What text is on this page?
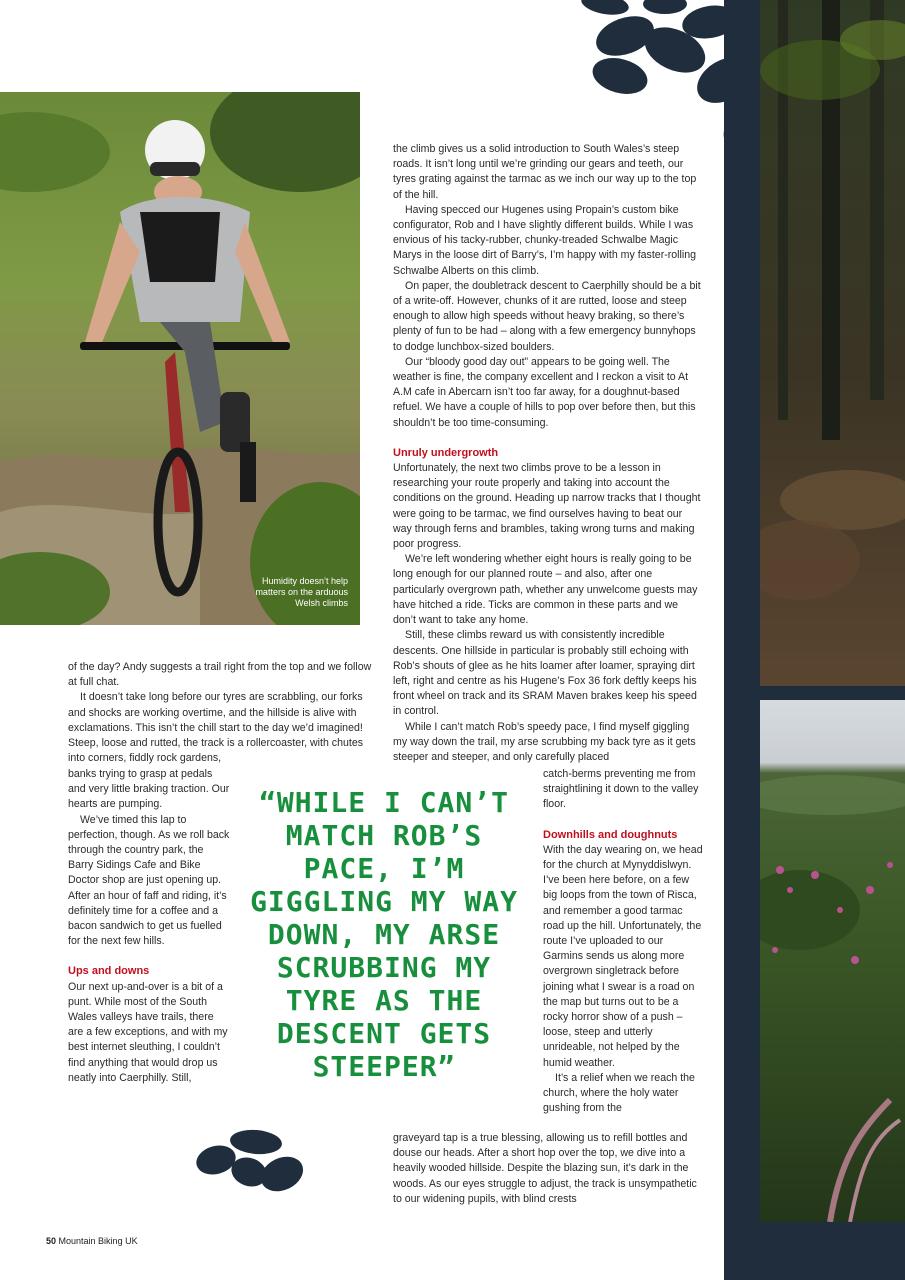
Humidity doesn’t help matters on the arduous Welsh climbs

the climb gives us a solid introduction to South Wales’s steep roads. It isn’t long until we’re grinding our gears and teeth, our tyres grating against the tarmac as we inch our way up to the top of the hill.

Having specced our Hugenes using Propain’s custom bike configurator, Rob and I have slightly different builds. While I was envious of his tacky-rubber, chunky-treaded Schwalbe Magic Marys in the loose dirt of Barry’s, I’m happy with my faster-rolling Schwalbe Alberts on this climb.

On paper, the doubletrack descent to Caerphilly should be a bit of a write-off. However, chunks of it are rutted, loose and steep enough to allow high speeds without heavy braking, so there’s plenty of fun to be had – along with a few emergency bunnyhops to dodge lunchbox-sized boulders.

Our “bloody good day out” appears to be going well. The weather is fine, the company excellent and I reckon a visit to At A.M cafe in Abercarn isn’t too far away, for a doughnut-based refuel. We have a couple of hills to pop over before then, but this shouldn’t be too time-consuming.

Unruly undergrowth

Unfortunately, the next two climbs prove to be a lesson in researching your route properly and taking into account the conditions on the ground. Heading up narrow tracks that I thought were going to be tarmac, we find ourselves having to beat our way through ferns and brambles, taking wrong turns and making poor progress.

We’re left wondering whether eight hours is really going to be long enough for our planned route – and also, after one particularly overgrown path, whether any unwelcome guests may have hitched a ride. Ticks are common in these parts and we don’t want to take any home.

Still, these climbs reward us with consistently incredible descents. One hillside in particular is probably still echoing with Rob’s shouts of glee as he hits loamer after loamer, spraying dirt left, right and centre as his Hugene’s Fox 36 fork deftly keeps his front wheel on track and its SRAM Maven brakes keep his speed in control.

While I can’t match Rob’s speedy pace, I find myself giggling my way down the trail, my arse scrubbing my back tyre as it gets steeper and steeper, and only carefully placed

of the day? Andy suggests a trail right from the top and we follow at full chat.

It doesn’t take long before our tyres are scrabbling, our forks and shocks are working overtime, and the hillside is alive with exclamations. This isn’t the chill start to the day we’d imagined! Steep, loose and rutted, the track is a rollercoaster, with chutes into corners, fiddly rock gardens,

banks trying to grasp at pedals and very little braking traction. Our hearts are pumping.

We’ve timed this lap to perfection, though. As we roll back through the country park, the Barry Sidings Cafe and Bike Doctor shop are just opening up. After an hour of faff and riding, it’s definitely time for a coffee and a bacon sandwich to get us fuelled for the next few hills.

Ups and downs

Our next up-and-over is a bit of a punt. While most of the South Wales valleys have trails, there are a few exceptions, and with my best internet sleuthing, I couldn’t find anything that would drop us neatly into Caerphilly. Still,

catch-berms preventing me from straightlining it down to the valley floor.

Downhills and doughnuts

With the day wearing on, we head for the church at Mynyddislwyn. I’ve been here before, on a few big loops from the town of Risca, and remember a good tarmac road up the hill. Unfortunately, the route I’ve uploaded to our Garmins sends us along more overgrown singletrack before joining what I swear is a road on the map but turns out to be a rocky horror show of a push – loose, steep and utterly unrideable, not helped by the humid weather.

It’s a relief when we reach the church, where the holy water gushing from the

graveyard tap is a true blessing, allowing us to refill bottles and douse our heads. After a short hop over the top, we dive into a heavily wooded hillside. Despite the blazing sun, it’s dark in the woods. As our eyes struggle to adjust, the track is unsympathetic to our widening pupils, with blind crests

“WHILE I CAN’T MATCH ROB’S PACE, I’M GIGGLING MY WAY DOWN, MY ARSE SCRUBBING MY TYRE AS THE DESCENT GETS STEEPER”
50 Mountain Biking UK
